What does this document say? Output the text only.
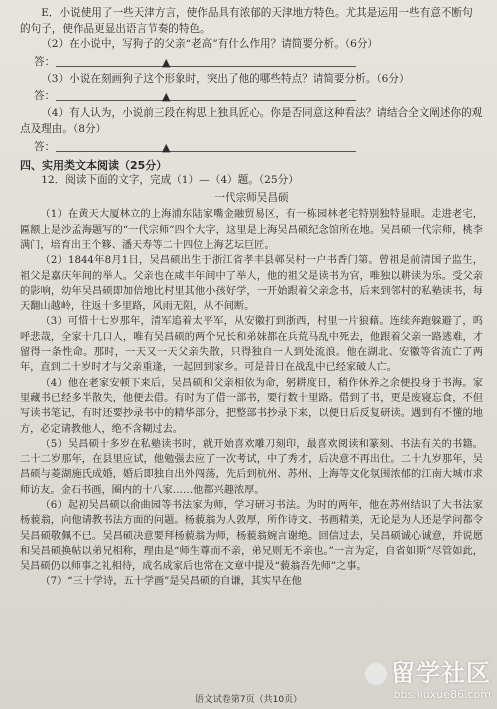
E．小说使用了一些天津方言，使作品具有浓郁的天津地方特色。尤其是运用一些有意不断句的句子，使作品更显出语言节奏的特色。

（2）在小说中，写狗子的父亲“老高”有什么作用？请简要分析。（6分）

答：	▲

（3）小说在刻画狗子这个形象时，突出了他的哪些特点？请简要分析。（6分）

答：	▲

（4）有人认为，小说前三段在构思上独具匠心。你是否同意这种看法？请结合全文阐述你的观点及理由。（8分）

答：	▲

四、实用类文本阅读（25分）

12．阅读下面的文字，完成（1）—（4）题。（25分）

一代宗师吴昌硕

（1）在黄天大厦林立的上海浦东陆家嘴金融贸易区，有一栋园林老宅特别独特显眼。走进老宅，匾额上是沙孟海题写的“一代宗师”四个大字，这里是上海吴昌硕纪念馆所在地。吴昌硕一代宗师，桃李满门，培育出王个簃、潘天寿等二十四位上海艺坛巨匠。

（2）1844年8月1日，吴昌硕出生于浙江省孝丰县鄣吴村一户书香门第。曾祖是前清国子监生，祖父是嘉庆年间的举人。父亲也在咸丰年间中了举人，他的祖父是读书为官，唯独以耕读为乐。受父亲的影响，幼年吴昌硕即加倍地比村里其他小孩好学，一开始跟着父亲念书，后来到邻村的私塾读书，每天翻山越岭，往返十多里路，风雨无阻，从不间断。

（3）可惜十七岁那年，清军追着太平军，从安徽打到浙西，村里一片狼藉。连续奔跑躲避了，呜呼悲哉，全家十几口人，唯有吴昌硕的两个兄长和弟妹都在兵荒马乱中死去，他跟着父亲一路逃难，才留得一条性命。那时，一天又一天父亲失散，只得独自一人到处流浪。他在湖北、安徽等省流亡了两年，直到二十岁时才与父亲重逢，一起回到家乡。可是昔日在战乱中已经家破人亡。

（4）他在老家安顿下来后，吴昌硕和父亲相依为命，躬耕度日，稍作休养之余便投身于书海。家里藏书已经多半散失，他便去借。有时为了借一部书，要行数十里路。借到了书，更是废寝忘食，不但写读书笔记，有时还要抄录书中的精华部分，把整部书抄录下来，以便日后反复研读。遇到有不懂的地方，必定请教他人，绝不含糊过去。

（5）吴昌硕十多岁在私塾读书时，就开始喜欢雕刀刻印，最喜欢阅读和篆刻、书法有关的书籍。二十二岁那年，在县里应试，他勉强去应了一次考试，中了秀才，后决意不再出仕。二十九岁那年，吴昌硕与菱湖施氏成婚，婚后即独自出外闯荡，先后到杭州、苏州、上海等文化氛围浓郁的江南大城市求师访友。金石书画，圈内的十八家……他都兴趣浓厚。

（6）起初吴昌硕以俞曲园等书法家为师，学习研习书法。为时的两年，他在苏州结识了大书法家杨藐翁，向他请教书法方面的问题。杨藐翁为人敦厚，所作诗文、书画精美，无论是为人还是学问都令吴昌硕敬佩不已。吴昌硕决意要拜杨藐翁为师，杨藐翁婉言谢绝。回信过去，吴昌硕诚心诚意，并说愿和吴昌硕换帖以弟兄相称，理由是“师生尊而不亲，弟兄则无不亲也。”一言为定，自省如斯”尽管如此，吴昌硕仍以师事之礼相待，成名成家后也常在文章中提及“藐翁吾先师”之事。

（7）“三十学诗，五十学画”是吴昌硕的自谦，其实早在他

语文试卷第7页（共10页）
留学社区
bbs.liuxue86.com
